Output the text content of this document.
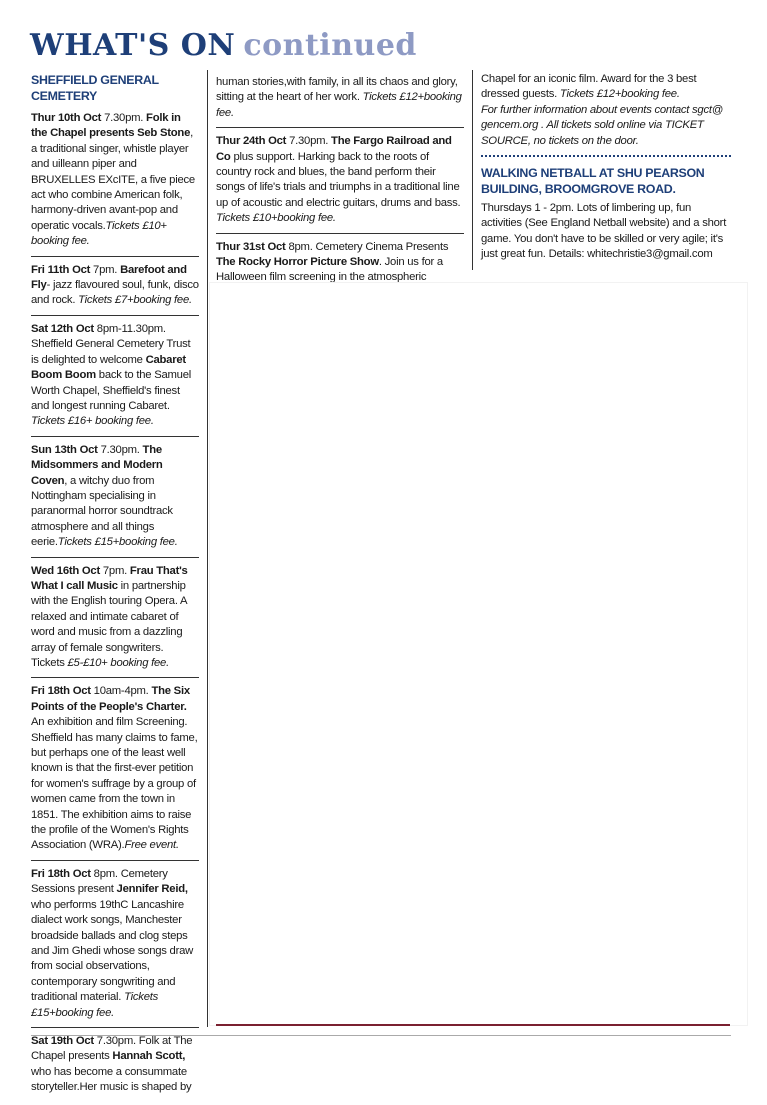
WHAT'S ON continued
SHEFFIELD GENERAL CEMETERY

Thur 10th Oct 7.30pm. Folk in the Chapel presents Seb Stone, a traditional singer, whistle player and uilleann piper and BRUXELLES EXcITE, a five piece act who combine American folk, harmony-driven avant-pop and operatic vocals.Tickets £10+ booking fee.

Fri 11th Oct 7pm. Barefoot and Fly- jazz flavoured soul, funk, disco and rock. Tickets £7+booking fee.

Sat 12th Oct 8pm-11.30pm. Sheffield General Cemetery Trust is delighted to welcome Cabaret Boom Boom back to the Samuel Worth Chapel, Sheffield's finest and longest running Cabaret. Tickets £16+ booking fee.

Sun 13th Oct 7.30pm. The Midsommers and Modern Coven, a witchy duo from Nottingham specialising in paranormal horror soundtrack atmosphere and all things eerie.Tickets £15+booking fee.

Wed 16th Oct 7pm. Frau That's What I call Music in partnership with the English touring Opera. A relaxed and intimate cabaret of word and music from a dazzling array of female songwriters. Tickets £5-£10+ booking fee.

Fri 18th Oct 10am-4pm. The Six Points of the People's Charter. An exhibition and film Screening. Sheffield has many claims to fame, but perhaps one of the least well known is that the first-ever petition for women's suffrage by a group of women came from the town in 1851. The exhibition aims to raise the profile of the Women's Rights Association (WRA).Free event.

Fri 18th Oct 8pm. Cemetery Sessions present Jennifer Reid, who performs 19thC Lancashire dialect work songs, Manchester broadside ballads and clog steps and Jim Ghedi whose songs draw from social observations, contemporary songwriting and traditional material. Tickets £15+booking fee.

Sat 19th Oct 7.30pm. Folk at The Chapel presents Hannah Scott, who has become a consummate storyteller.Her music is shaped by

human stories,with family, in all its chaos and glory, sitting at the heart of her work. Tickets £12+booking fee.

Thur 24th Oct 7.30pm. The Fargo Railroad and Co plus support. Harking back to the roots of country rock and blues, the band perform their songs of life's trials and triumphs in a traditional line up of acoustic and electric guitars, drums and bass. Tickets £10+booking fee.

Thur 31st Oct 8pm. Cemetery Cinema Presents The Rocky Horror Picture Show. Join us for a Halloween film screening in the atmospheric

Chapel for an iconic film. Award for the 3 best dressed guests. Tickets £12+booking fee.

For further information about events contact sgct@ gencem.org . All tickets sold online via TICKET SOURCE, no tickets on the door.

WALKING NETBALL AT SHU PEARSON BUILDING, BROOMGROVE ROAD.

Thursdays 1 - 2pm. Lots of limbering up, fun activities (See England Netball website) and a short game. You don't have to be skilled or very agile; it's just great fun. Details: whitechristie3@gmail.com
